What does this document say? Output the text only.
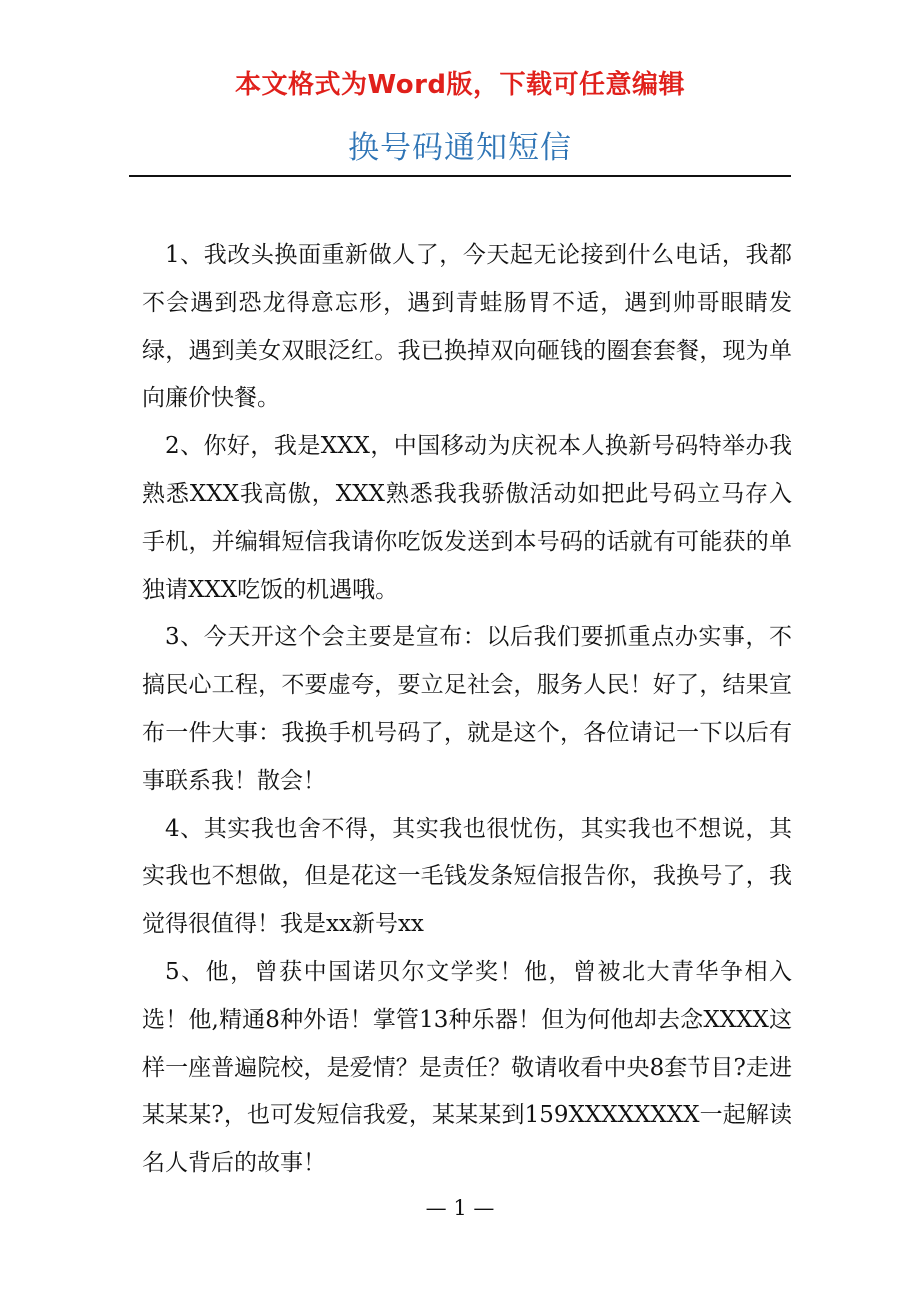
本文格式为Word版，下载可任意编辑
换号码通知短信

1、我改头换面重新做人了，今天起无论接到什么电话，我都不会遇到恐龙得意忘形，遇到青蛙肠胃不适，遇到帅哥眼睛发绿，遇到美女双眼泛红。我已换掉双向砸钱的圈套套餐，现为单向廉价快餐。

2、你好，我是XXX，中国移动为庆祝本人换新号码特举办我熟悉XXX我高傲，XXX熟悉我我骄傲活动如把此号码立马存入手机，并编辑短信我请你吃饭发送到本号码的话就有可能获的单独请XXX吃饭的机遇哦。

3、今天开这个会主要是宣布：以后我们要抓重点办实事，不搞民心工程，不要虚夸，要立足社会，服务人民！好了，结果宣布一件大事：我换手机号码了，就是这个，各位请记一下以后有事联系我！散会！

4、其实我也舍不得，其实我也很忧伤，其实我也不想说，其实我也不想做，但是花这一毛钱发条短信报告你，我换号了，我觉得很值得！我是xx新号xx

5、他，曾获中国诺贝尔文学奖！他，曾被北大青华争相入选！他,精通8种外语！掌管13种乐器！但为何他却去念XXXX这样一座普遍院校，是爱情？是责任？敬请收看中央8套节目?走进某某某?，也可发短信我爱，某某某到159XXXXXXXX一起解读名人背后的故事！

— 1 —
